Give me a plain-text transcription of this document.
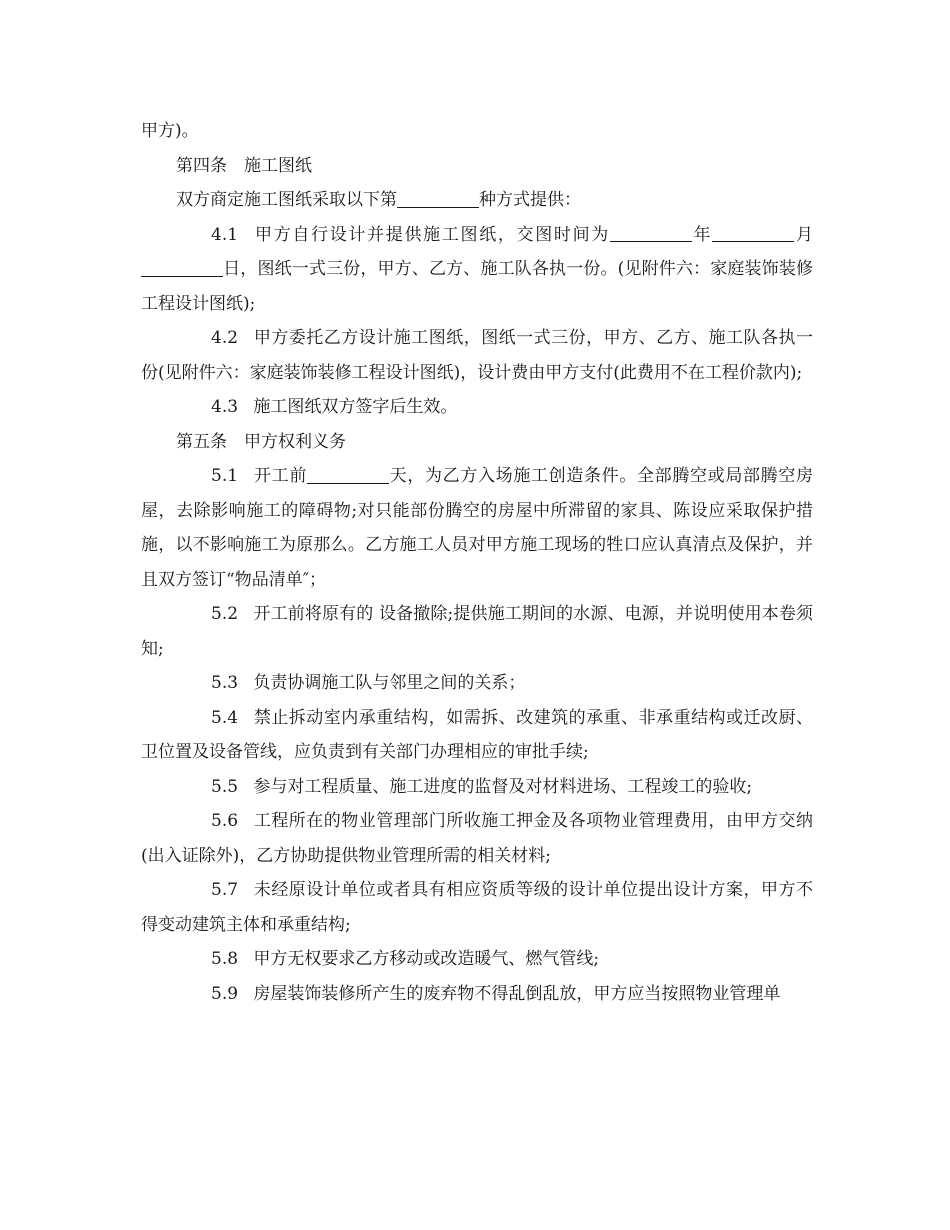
甲方)。

第四条　施工图纸

双方商定施工图纸采取以下第	种方式提供：

4.1 甲方自行设计并提供施工图纸，交图时间为	年	月日，图纸一式三份，甲方、乙方、施工队各执一份。(见附件六：家庭装饰装修工程设计图纸);

4.2 甲方委托乙方设计施工图纸，图纸一式三份，甲方、乙方、施工队各执一份(见附件六：家庭装饰装修工程设计图纸)，设计费由甲方支付(此费用不在工程价款内);

4.3 施工图纸双方签字后生效。

第五条　甲方权利义务

5.1 开工前	天，为乙方入场施工创造条件。全部腾空或局部腾空房屋，去除影响施工的障碍物;对只能部份腾空的房屋中所滞留的家具、陈设应采取保护措施，以不影响施工为原那么。乙方施工人员对甲方施工现场的牲口应认真清点及保护，并且双方签订“物品清单″；

5.2 开工前将原有的 设备撤除;提供施工期间的水源、电源，并说明使用本卷须知;

5.3 负责协调施工队与邻里之间的关系；

5.4 禁止拆动室内承重结构，如需拆、改建筑的承重、非承重结构或迁改厨、卫位置及设备管线，应负责到有关部门办理相应的审批手续;

5.5 参与对工程质量、施工进度的监督及对材料进场、工程竣工的验收;

5.6 工程所在的物业管理部门所收施工押金及各项物业管理费用，由甲方交纳(出入证除外)，乙方协助提供物业管理所需的相关材料;

5.7 未经原设计单位或者具有相应资质等级的设计单位提出设计方案，甲方不得变动建筑主体和承重结构;

5.8 甲方无权要求乙方移动或改造暖气、燃气管线;

5.9 房屋装饰装修所产生的废弃物不得乱倒乱放，甲方应当按照物业管理单
